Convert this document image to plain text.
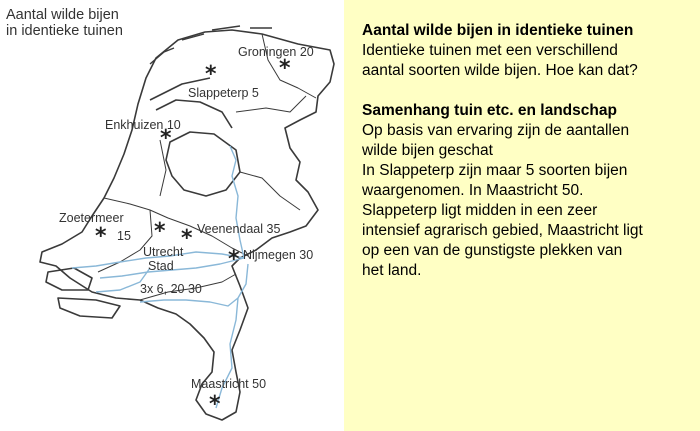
Aantal wilde bijen
in identieke tuinen
Groningen 20
*
*
Slappeterp 5
Enkhuizen 10
*
Zoetermeer
* 15 * * Veenendaal 35
Utrecht
Stad
3x 6, 20 30
* Nijmegen 30
Maastricht 50
*
Aantal wilde bijen in identieke tuinen
Identieke tuinen met een verschillend
aantal soorten wilde bijen. Hoe kan dat?
Samenhang tuin etc. en landschap
Op basis van ervaring zijn de aantallen
wilde bijen geschat
In Slappeterp zijn maar 5 soorten bijen
waargenomen. In Maastricht 50.
Slappeterp ligt midden in een zeer
intensief agrarisch gebied, Maastricht ligt
op een van de gunstigste plekken van
het land.
